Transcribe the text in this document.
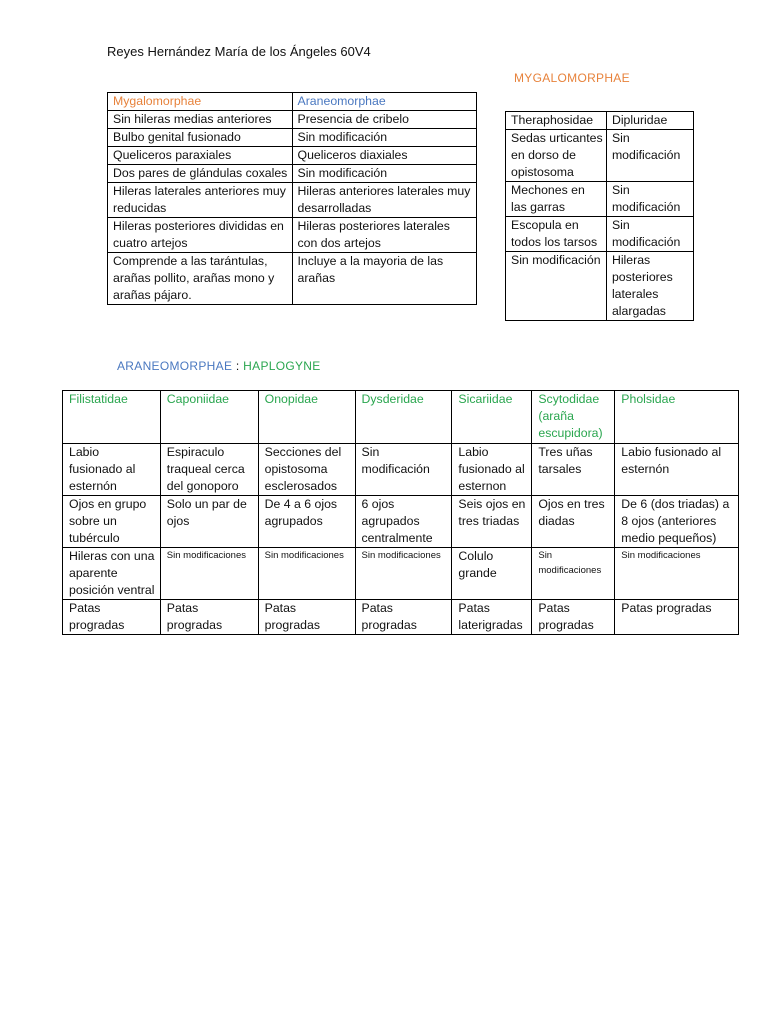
Reyes Hernández María de los Ángeles 60V4
MYGALOMORPHAE
Mygalomorphae	Araneomorphae
Sin hileras medias anteriores	Presencia de cribelo
Bulbo genital fusionado	Sin modificación
Queliceros paraxiales	Queliceros diaxiales
Dos pares de glándulas coxales	Sin modificación
Hileras laterales anteriores muy reducidas	Hileras anteriores laterales muy desarrolladas
Hileras posteriores divididas en cuatro artejos	Hileras posteriores laterales con dos artejos
Comprende a las tarántulas, arañas pollito, arañas mono y arañas pájaro.	Incluye a la mayoria de las arañas
Theraphosidae	Dipluridae
Sedas urticantes en dorso de opistosoma	Sin modificación
Mechones en las garras	Sin modificación
Escopula en todos los tarsos	Sin modificación
Sin modificación	Hileras posteriores laterales alargadas
ARANEOMORPHAE : HAPLOGYNE
Filistatidae	Caponiidae	Onopidae	Dysderidae	Sicariidae	Scytodidae (araña escupidora)	Pholsidae
Labio fusionado al esternón	Espiraculo traqueal cerca del gonoporo	Secciones del opistosoma esclerosados	Sin modificación	Labio fusionado al esternon	Tres uñas tarsales	Labio fusionado al esternón
Ojos en grupo sobre un tubérculo	Solo un par de ojos	De 4 a 6 ojos agrupados	6 ojos agrupados centralmente	Seis ojos en tres triadas	Ojos en tres diadas	De 6 (dos triadas) a 8 ojos (anteriores medio pequeños)
Hileras con una aparente posición ventral	Sin modificaciones	Sin modificaciones	Sin modificaciones	Colulo grande	Sin modificaciones	Sin modificaciones
Patas progradas	Patas progradas	Patas progradas	Patas progradas	Patas laterigradas	Patas progradas	Patas progradas
